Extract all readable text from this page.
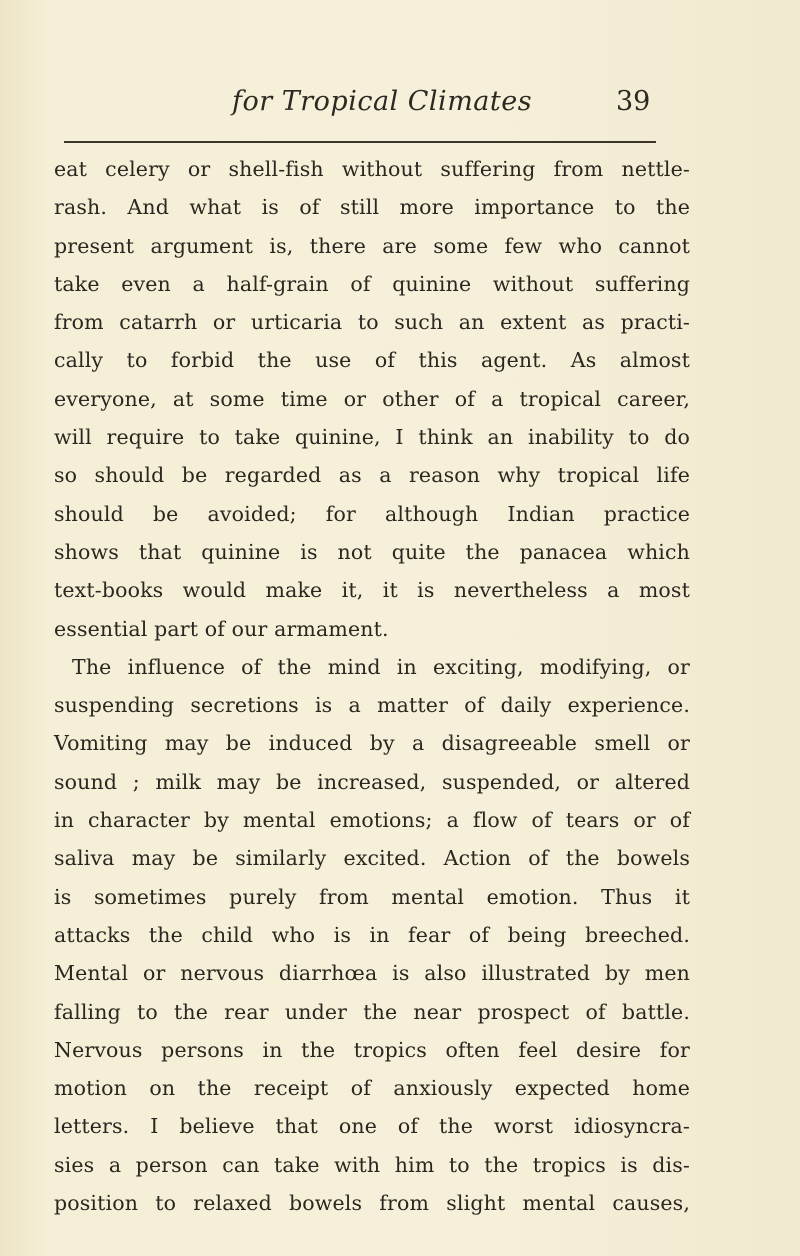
for Tropical Climates	39
eat celery or shell-fish without suffering from nettle-
rash. And what is of still more importance to the
present argument is, there are some few who cannot
take even a half-grain of quinine without suffering
from catarrh or urticaria to such an extent as practi-
cally to forbid the use of this agent. As almost
everyone, at some time or other of a tropical career,
will require to take quinine, I think an inability to do
so should be regarded as a reason why tropical life
should be avoided; for although Indian practice
shows that quinine is not quite the panacea which
text-books would make it, it is nevertheless a most
essential part of our armament.
The influence of the mind in exciting, modifying, or
suspending secretions is a matter of daily experience.
Vomiting may be induced by a disagreeable smell or
sound ; milk may be increased, suspended, or altered
in character by mental emotions; a flow of tears or of
saliva may be similarly excited. Action of the bowels
is sometimes purely from mental emotion. Thus it
attacks the child who is in fear of being breeched.
Mental or nervous diarrhœa is also illustrated by men
falling to the rear under the near prospect of battle.
Nervous persons in the tropics often feel desire for
motion on the receipt of anxiously expected home
letters. I believe that one of the worst idiosyncra-
sies a person can take with him to the tropics is dis-
position to relaxed bowels from slight mental causes,
